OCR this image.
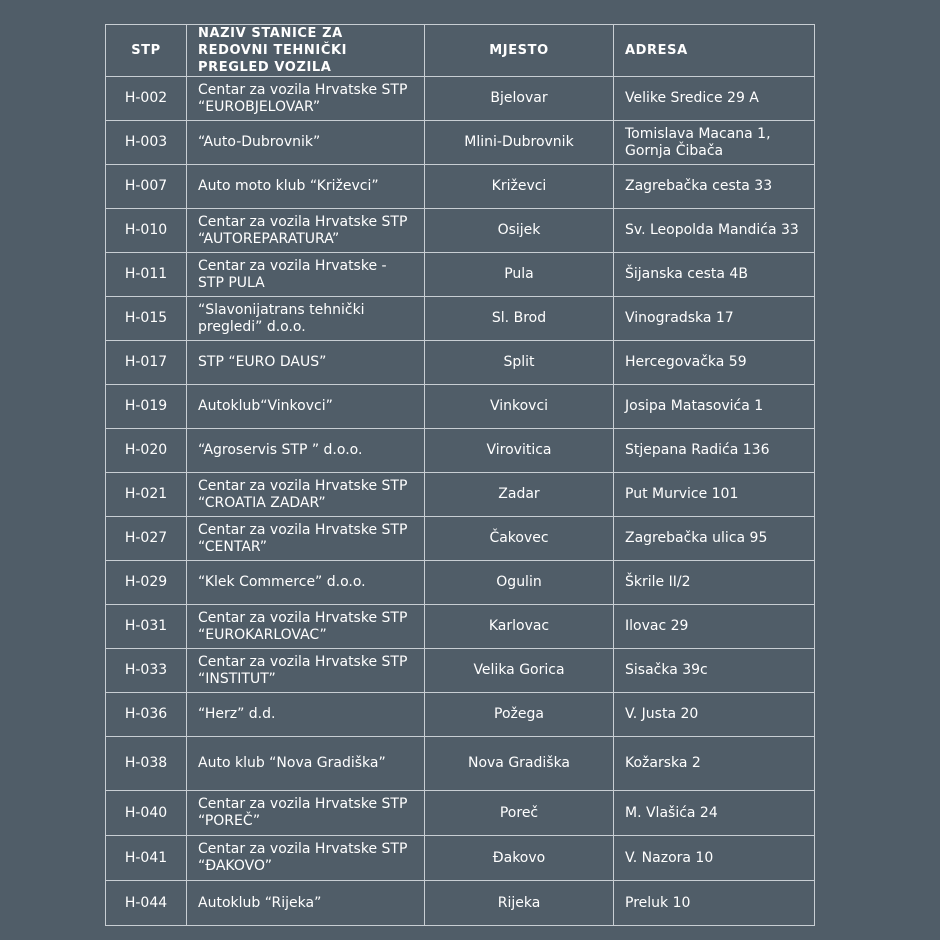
STP	NAZIV STANICE ZA REDOVNI TEHNIČKI PREGLED VOZILA	MJESTO	ADRESA
H-002	Centar za vozila Hrvatske STP “EUROBJELOVAR”	Bjelovar	Velike Sredice 29 A
H-003	“Auto-Dubrovnik”	Mlini-Dubrovnik	Tomislava Macana 1, Gornja Čibača
H-007	Auto moto klub “Križevci”	Križevci	Zagrebačka cesta 33
H-010	Centar za vozila Hrvatske STP “AUTOREPARATURA”	Osijek	Sv. Leopolda Mandića 33
H-011	Centar za vozila Hrvatske - STP PULA	Pula	Šijanska cesta 4B
H-015	“Slavonijatrans tehnički pregledi” d.o.o.	Sl. Brod	Vinogradska 17
H-017	STP “EURO DAUS”	Split	Hercegovačka 59
H-019	Autoklub“Vinkovci”	Vinkovci	Josipa Matasovića 1
H-020	“Agroservis STP ” d.o.o.	Virovitica	Stjepana Radića 136
H-021	Centar za vozila Hrvatske STP “CROATIA ZADAR”	Zadar	Put Murvice 101
H-027	Centar za vozila Hrvatske STP “CENTAR”	Čakovec	Zagrebačka ulica 95
H-029	“Klek Commerce” d.o.o.	Ogulin	Škrile II/2
H-031	Centar za vozila Hrvatske STP “EUROKARLOVAC”	Karlovac	Ilovac 29
H-033	Centar za vozila Hrvatske STP “INSTITUT”	Velika Gorica	Sisačka 39c
H-036	“Herz” d.d.	Požega	V. Justa 20
H-038	Auto klub “Nova Gradiška”	Nova Gradiška	Kožarska 2
H-040	Centar za vozila Hrvatske STP “POREČ”	Poreč	M. Vlašića 24
H-041	Centar za vozila Hrvatske STP “ĐAKOVO”	Đakovo	V. Nazora 10
H-044	Autoklub “Rijeka”	Rijeka	Preluk 10
